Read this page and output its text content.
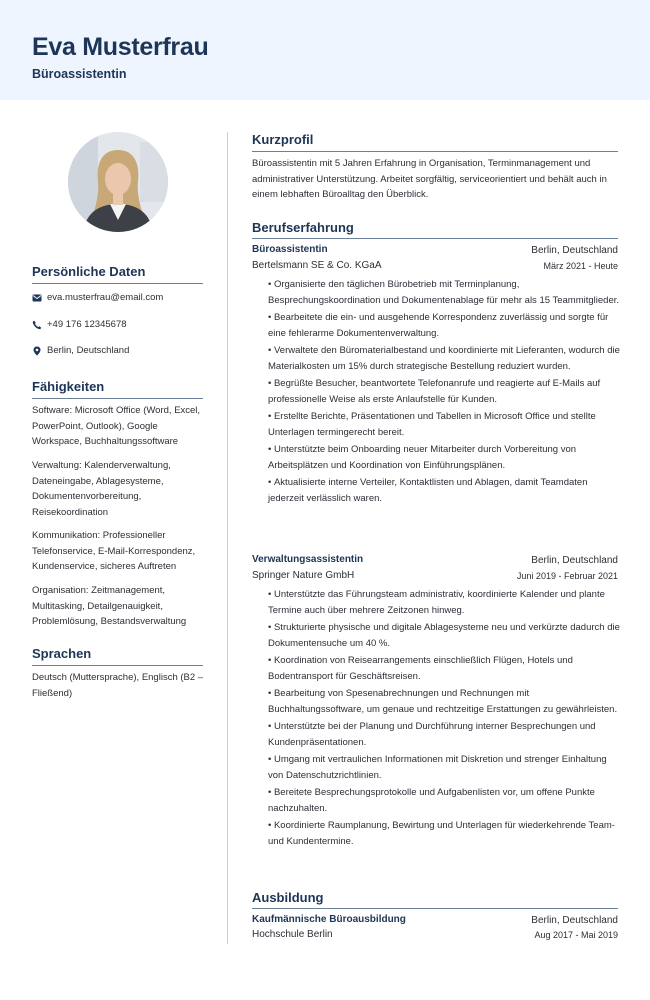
Eva Musterfrau
Büroassistentin
Persönliche Daten
eva.musterfrau@email.com
+49 176 12345678
Berlin, Deutschland
Fähigkeiten
Software: Microsoft Office (Word, Excel, PowerPoint, Outlook), Google Workspace, Buchhaltungssoftware
Verwaltung: Kalenderverwaltung, Dateneingabe, Ablagesysteme, Dokumentenvorbereitung, Reisekoordination
Kommunikation: Professioneller Telefonservice, E-Mail-Korrespondenz, Kundenservice, sicheres Auftreten
Organisation: Zeitmanagement, Multitasking, Detailgenauigkeit, Problemlösung, Bestandsverwaltung
Sprachen
Deutsch (Muttersprache), Englisch (B2 – Fließend)
Kurzprofil
Büroassistentin mit 5 Jahren Erfahrung in Organisation, Terminmanagement und administrativer Unterstützung. Arbeitet sorgfältig, serviceorientiert und behält auch in einem lebhaften Büroalltag den Überblick.
Berufserfahrung
Büroassistentin	Berlin, Deutschland
Bertelsmann SE & Co. KGaA	März 2021 - Heute
• Organisierte den täglichen Bürobetrieb mit Terminplanung, Besprechungskoordination und Dokumentenablage für mehr als 15 Teammitglieder.
• Bearbeitete die ein- und ausgehende Korrespondenz zuverlässig und sorgte für eine fehlerarme Dokumentenverwaltung.
• Verwaltete den Büromaterialbestand und koordinierte mit Lieferanten, wodurch die Materialkosten um 15% durch strategische Bestellung reduziert wurden.
• Begrüßte Besucher, beantwortete Telefonanrufe und reagierte auf E-Mails auf professionelle Weise als erste Anlaufstelle für Kunden.
• Erstellte Berichte, Präsentationen und Tabellen in Microsoft Office und stellte Unterlagen termingerecht bereit.
• Unterstützte beim Onboarding neuer Mitarbeiter durch Vorbereitung von Arbeitsplätzen und Koordination von Einführungsplänen.
• Aktualisierte interne Verteiler, Kontaktlisten und Ablagen, damit Teamdaten jederzeit verlässlich waren.
Verwaltungsassistentin	Berlin, Deutschland
Springer Nature GmbH	Juni 2019 - Februar 2021
• Unterstützte das Führungsteam administrativ, koordinierte Kalender und plante Termine auch über mehrere Zeitzonen hinweg.
• Strukturierte physische und digitale Ablagesysteme neu und verkürzte dadurch die Dokumentensuche um 40 %.
• Koordination von Reisearrangements einschließlich Flügen, Hotels und Bodentransport für Geschäftsreisen.
• Bearbeitung von Spesenabrechnungen und Rechnungen mit Buchhaltungssoftware, um genaue und rechtzeitige Erstattungen zu gewährleisten.
• Unterstützte bei der Planung und Durchführung interner Besprechungen und Kundenpräsentationen.
• Umgang mit vertraulichen Informationen mit Diskretion und strenger Einhaltung von Datenschutzrichtlinien.
• Bereitete Besprechungsprotokolle und Aufgabenlisten vor, um offene Punkte nachzuhalten.
• Koordinierte Raumplanung, Bewirtung und Unterlagen für wiederkehrende Team- und Kundentermine.
Ausbildung
Kaufmännische Büroausbildung	Berlin, Deutschland
Hochschule Berlin	Aug 2017 - Mai 2019
